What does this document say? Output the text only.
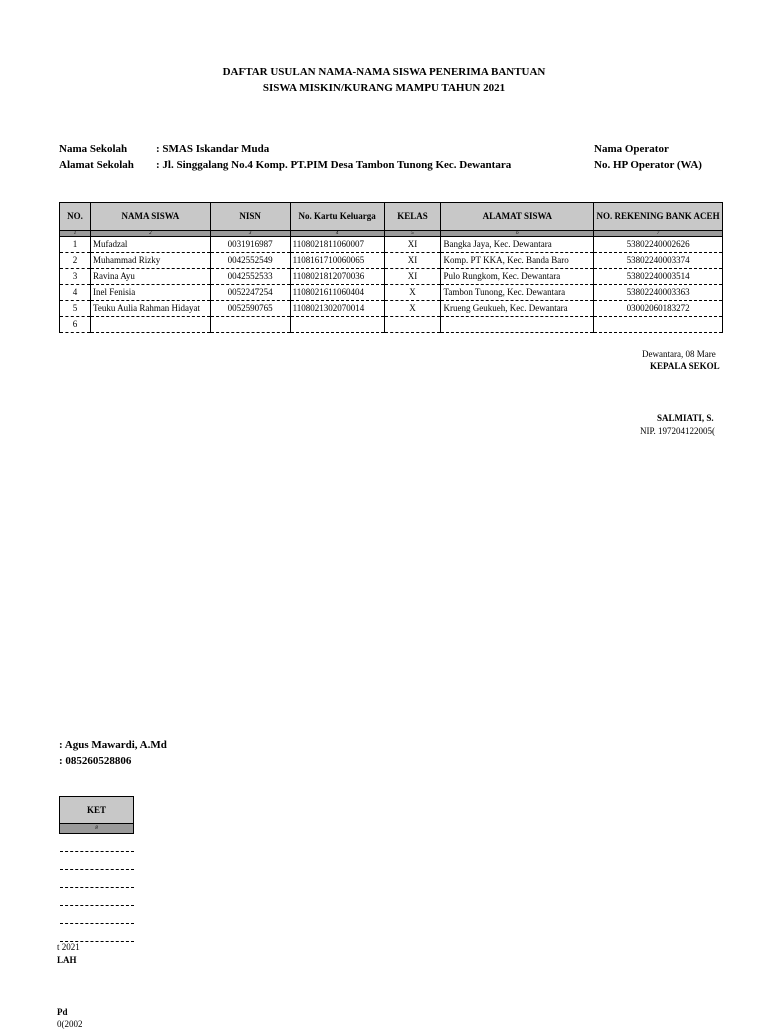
DAFTAR USULAN NAMA-NAMA SISWA PENERIMA BANTUAN
SISWA MISKIN/KURANG MAMPU TAHUN 2021
Nama Sekolah	: SMAS Iskandar Muda
Alamat Sekolah : Jl. Singgalang No.4 Komp. PT.PIM Desa Tambon Tunong Kec. Dewantara
Nama Operator
No. HP Operator (WA)
NO.	NAMA SISWA	NISN	No. Kartu Keluarga	KELAS	ALAMAT SISWA	NO. REKENING BANK ACEH
1	2	3	4	5	6	7
1	Mufadzal	0031916987	1108021811060007	XI	Bangka Jaya, Kec. Dewantara	53802240002626
2	Muhammad Rizky	0042552549	1108161710060065	XI	Komp. PT KKA, Kec. Banda Baro	53802240003374
3	Ravina Ayu	0042552533	1108021812070036	XI	Pulo Rungkom, Kec. Dewantara	53802240003514
4	Inel Fenisia	0052247254	1108021611060404	X	Tambon Tunong, Kec. Dewantara	53802240003363
5	Teuku Aulia Rahman Hidayat	0052590765	1108021302070014	X	Krueng Geukueh, Kec. Dewantara	03002060183272
6						
Dewantara, 08 Mare
KEPALA SEKOL
SALMIATI, S.
NIP. 197204122005(
: Agus Mawardi, A.Md
: 085260528806
KET
8

t 2021
LAH
Pd
0(2002
